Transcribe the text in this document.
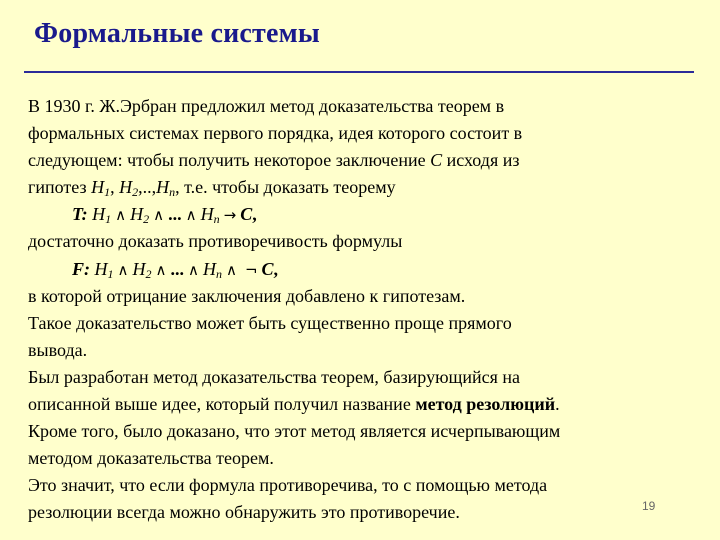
Формальные системы
В 1930 г. Ж.Эрбран предложил метод доказательства теорем в
формальных системах первого порядка, идея которого состоит в
следующем: чтобы получить некоторое заключение C исходя из
гипотез $H_1$, $H_2,..,H_n$, т.е. чтобы доказать теорему
T: $H_1$ ∧ $H_2$ ∧ ... ∧ $H_n \to C$,
достаточно доказать противоречивость формулы
F: $H_1$ ∧ $H_2$ ∧ ... ∧ $H_n$ ∧ ¬ C,
в которой отрицание заключения добавлено к гипотезам.
Такое доказательство может быть существенно проще прямого
вывода.
Был разработан метод доказательства теорем, базирующийся на
описанной выше идее, который получил название метод резолюций.
Кроме того, было доказано, что этот метод является исчерпывающим
методом доказательства теорем.
Это значит, что если формула противоречива, то с помощью метода
резолюции всегда можно обнаружить это противоречие.	19
